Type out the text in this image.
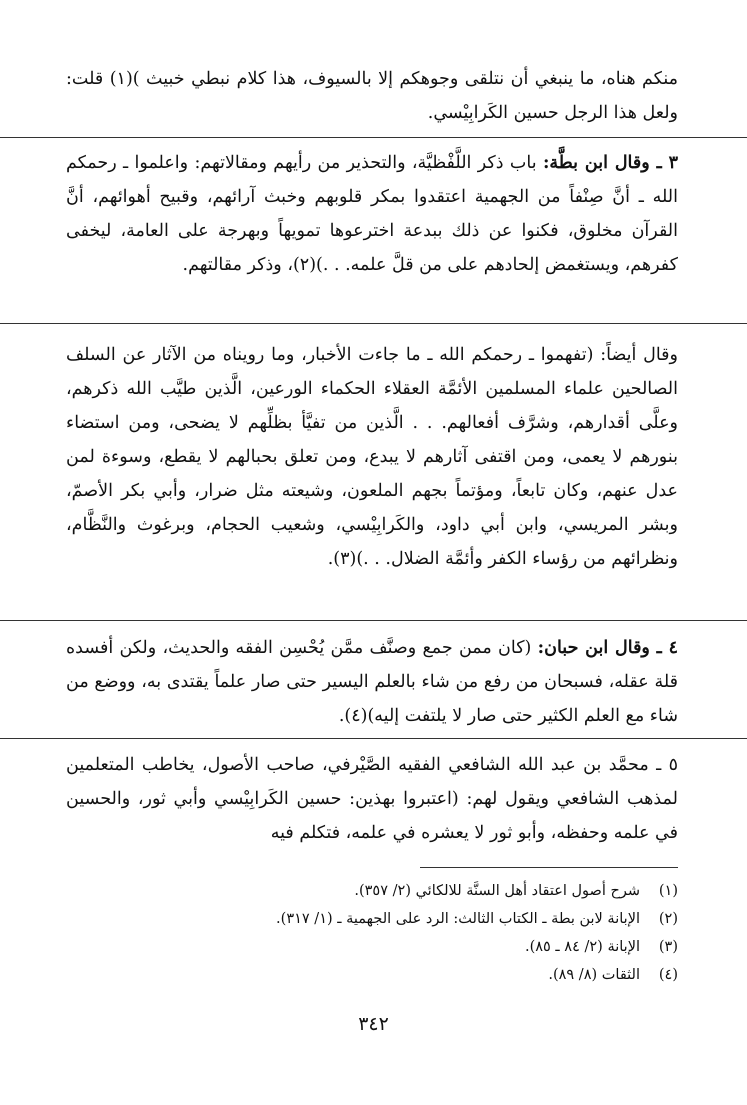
منكم هناه، ما ينبغي أن نتلقى وجوهكم إلا بالسيوف، هذا كلام نبطي خبيث )(١) قلت: ولعل هذا الرجل حسين الكَرابِيْسي.
٣ ـ وقال ابن بطَّة: باب ذكر اللَّفْظيَّة، والتحذير من رأيهم ومقالاتهم: واعلموا ـ رحمكم الله ـ أنَّ صِنْفاً من الجهمية اعتقدوا بمكر قلوبهم وخبث آرائهم، وقبيح أهوائهم، أنَّ القرآن مخلوق، فكنوا عن ذلك ببدعة اخترعوها تمويهاً وبهرجة على العامة، ليخفى كفرهم، ويستغمض إلحادهم على من قلَّ علمه. . .)(٢)، وذكر مقالتهم.
وقال أيضاً: (تفهموا ـ رحمكم الله ـ ما جاءت الأخبار، وما رويناه من الآثار عن السلف الصالحين علماء المسلمين الأئمَّة العقلاء الحكماء الورعين، الَّذين طيَّب الله ذكرهم، وعلَّى أقدارهم، وشرَّف أفعالهم. . . الَّذين من تفيَّأ بظلِّهم لا يضحى، ومن استضاء بنورهم لا يعمى، ومن اقتفى آثارهم لا يبدع، ومن تعلق بحبالهم لا يقطع، وسوءة لمن عدل عنهم، وكان تابعاً، ومؤتماً بجهم الملعون، وشيعته مثل ضرار، وأبي بكر الأصمّ، وبشر المريسي، وابن أبي داود، والكَرابِيْسي، وشعيب الحجام، وبرغوث والنَّظَّام، ونظرائهم من رؤساء الكفر وأئمَّة الضلال. . .)(٣).
٤ ـ وقال ابن حبان: (كان ممن جمع وصنَّف ممَّن يُحْسِن الفقه والحديث، ولكن أفسده قلة عقله، فسبحان من رفع من شاء بالعلم اليسير حتى صار علماً يقتدى به، ووضع من شاء مع العلم الكثير حتى صار لا يلتفت إليه)(٤).
٥ ـ محمَّد بن عبد الله الشافعي الفقيه الصَّيْرفي، صاحب الأصول، يخاطب المتعلمين لمذهب الشافعي ويقول لهم: (اعتبروا بهذين: حسين الكَرابِيْسي وأبي ثور، والحسين في علمه وحفظه، وأبو ثور لا يعشره في علمه، فتكلم فيه
(١)شرح أصول اعتقاد أهل السنَّة للالكائي (٢/ ٣٥٧).
(٢)الإبانة لابن بطة ـ الكتاب الثالث: الرد على الجهمية ـ (١/ ٣١٧).
(٣)الإبانة (٢/ ٨٤ ـ ٨٥).
(٤)الثقات (٨/ ٨٩).
٣٤٢
